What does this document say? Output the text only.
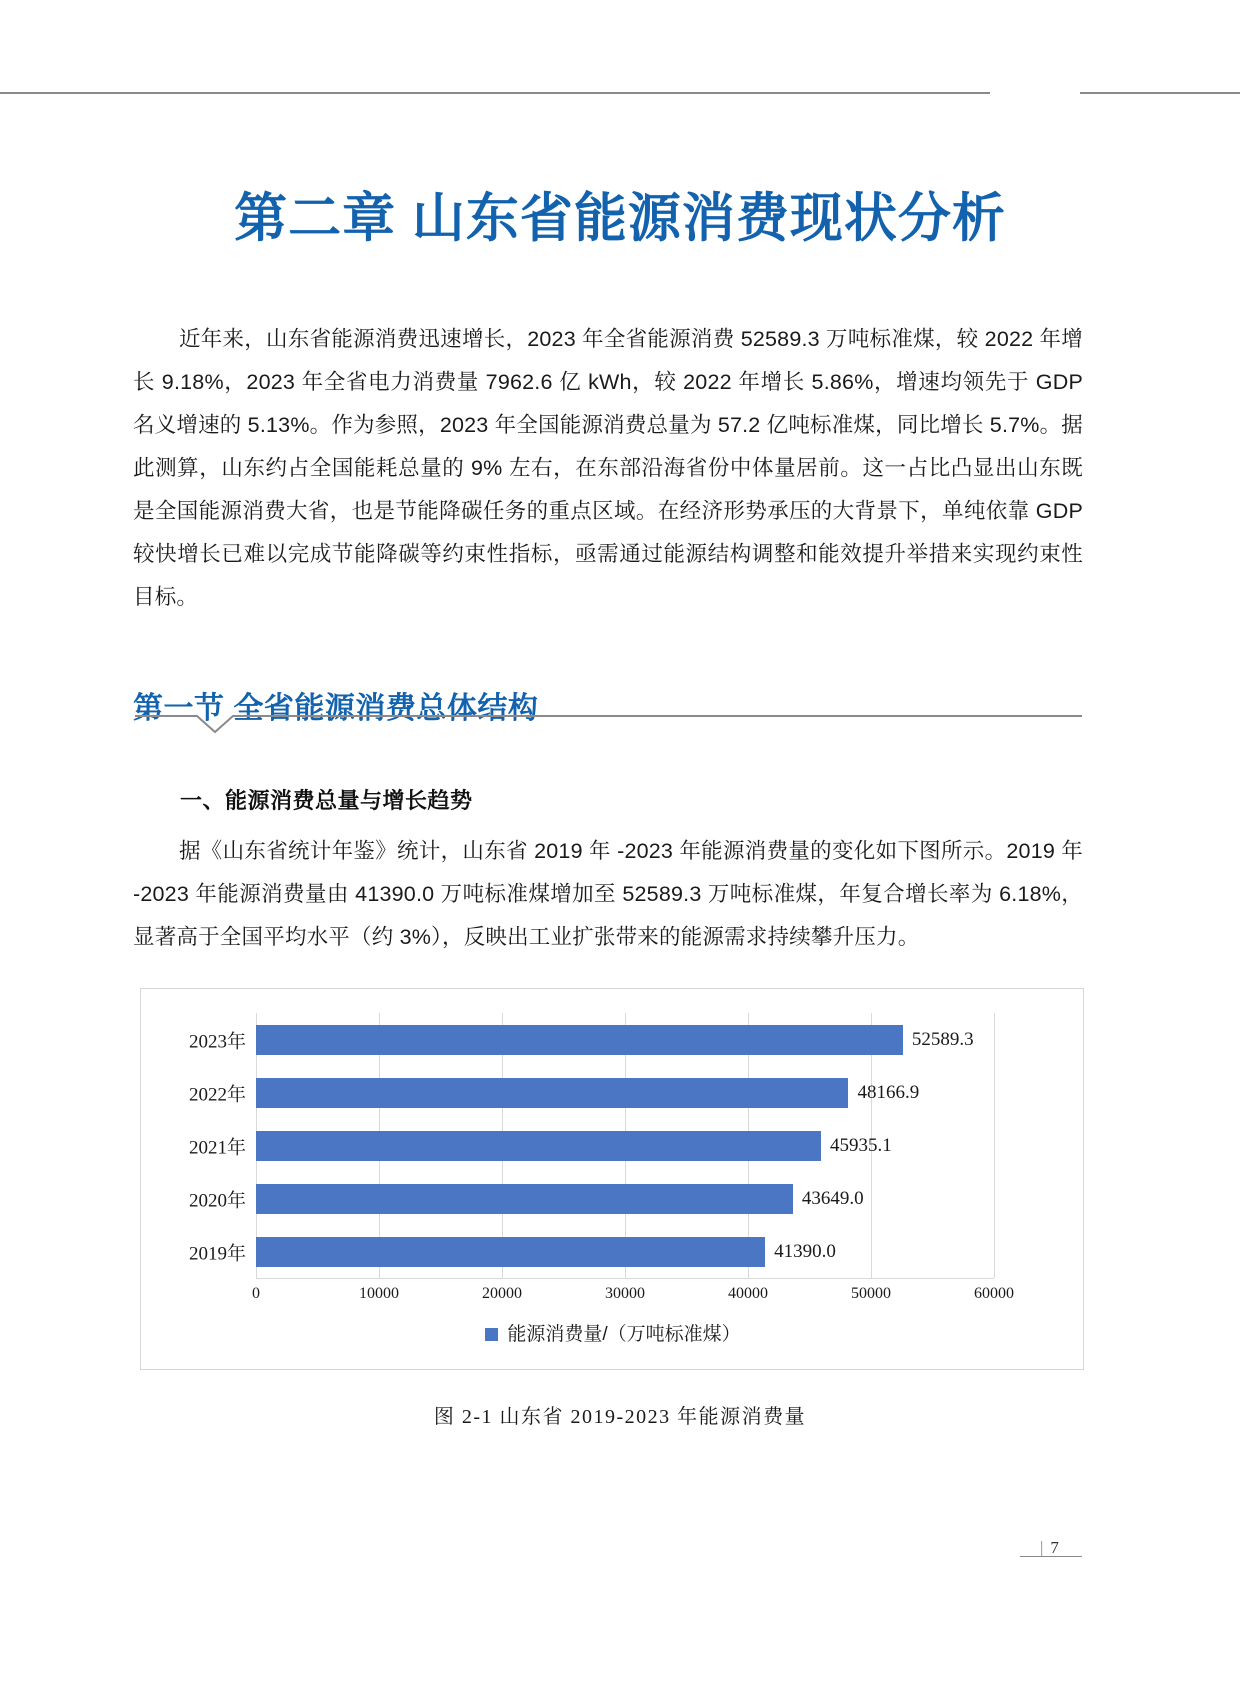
第二章 山东省能源消费现状分析

近年来，山东省能源消费迅速增长，2023 年全省能源消费 52589.3 万吨标准煤，较 2022 年增长 9.18%，2023 年全省电力消费量 7962.6 亿 kWh，较 2022 年增长 5.86%，增速均领先于 GDP 名义增速的 5.13%。作为参照，2023 年全国能源消费总量为 57.2 亿吨标准煤，同比增长 5.7%。据此测算，山东约占全国能耗总量的 9% 左右，在东部沿海省份中体量居前。这一占比凸显出山东既是全国能源消费大省，也是节能降碳任务的重点区域。在经济形势承压的大背景下，单纯依靠 GDP 较快增长已难以完成节能降碳等约束性指标，亟需通过能源结构调整和能效提升举措来实现约束性目标。

第一节 全省能源消费总体结构
一、能源消费总量与增长趋势

据《山东省统计年鉴》统计，山东省 2019 年 -2023 年能源消费量的变化如下图所示。2019 年 -2023 年能源消费量由 41390.0 万吨标准煤增加至 52589.3 万吨标准煤，年复合增长率为 6.18%，显著高于全国平均水平（约 3%），反映出工业扩张带来的能源需求持续攀升压力。

2023年	52589.3
2022年	48166.9
2021年	45935.1
2020年	43649.0
2019年	41390.0
0	10000	20000	30000	40000	50000	60000
能源消费量/（万吨标准煤）
图 2-1 山东省 2019-2023 年能源消费量
| 7
